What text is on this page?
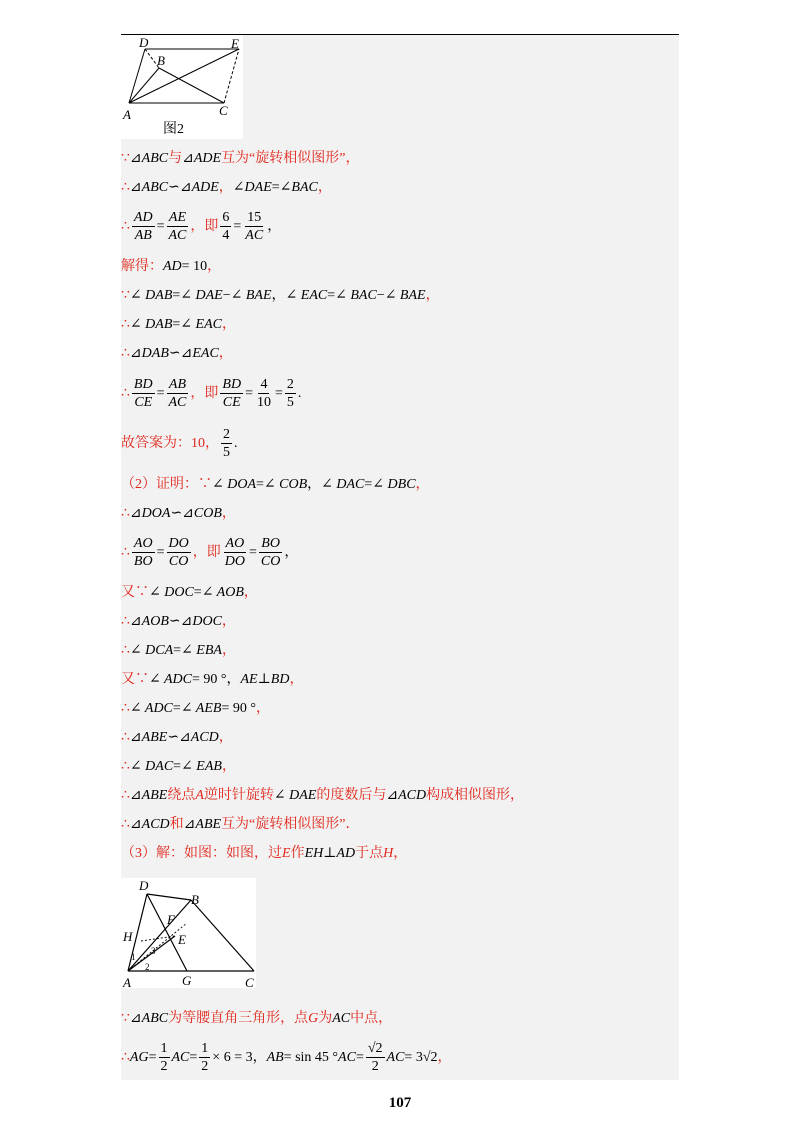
D	E
B
A	C
图2
∵ ⊿ ABC 与 ⊿ ADE 互为“旋转相似图形”，
∴ ⊿ ABC ∽ ⊿ ADE ， ∠ DAE = ∠ BAC ，
∴ $\frac{AD}{AB} = \frac{AE}{AC}$ ，即 $\frac{6}{4} = \frac{15}{AC}$ ，
解得： AD = 10 ，
∵ ∠ DAB = ∠ DAE − ∠ BAE ， ∠ EAC = ∠ BAC − ∠ BAE ，
∴ ∠ DAB = ∠ EAC ，
∴ ⊿ DAB ∽ ⊿ EAC ，
∴ $\frac{BD}{CE} = \frac{AB}{AC}$ ，即 $\frac{BD}{CE} = \frac{4}{10} = \frac{2}{5}$ .
故答案为：10， $\frac{2}{5}$ .
（2）证明：∵ ∠ DOA = ∠ COB ， ∠ DAC = ∠ DBC ，
∴ ⊿ DOA ∽ ⊿ COB ，
∴ $\frac{AO}{BO} = \frac{DO}{CO}$ ，即 $\frac{AO}{DO} = \frac{BO}{CO}$ ，
又∵ ∠ DOC = ∠ AOB ，
∴ ⊿ AOB ∽ ⊿ DOC ，
∴ ∠ DCA = ∠ EBA ，
又∵ ∠ ADC = 90 ° ， AE ⊥ BD ，
∴ ∠ ADC = ∠ AEB = 90 ° ，
∴ ⊿ ABE ∽ ⊿ ACD ，
∴ ∠ DAC = ∠ EAB ，
∴ ⊿ ABE 绕点 A 逆时针旋转 ∠ DAE 的度数后与 ⊿ ACD 构成相似图形，
∴ ⊿ ACD 和 ⊿ ABE 互为“旋转相似图形”．
（3）解：如图：如图，过 E 作 EH ⊥ AD 于点 H ，
D
B
F
H	E
A	G	C
1
2
3
∵ ⊿ ABC 为等腰直角三角形，点 G 为 AC 中点，
∴ AG = $\frac{1}{2}$ AC = $\frac{1}{2} \times 6 = 3$， AB = sin 45 ° AC = $\frac{√2}{2}$ AC = 3√2 ，
107
